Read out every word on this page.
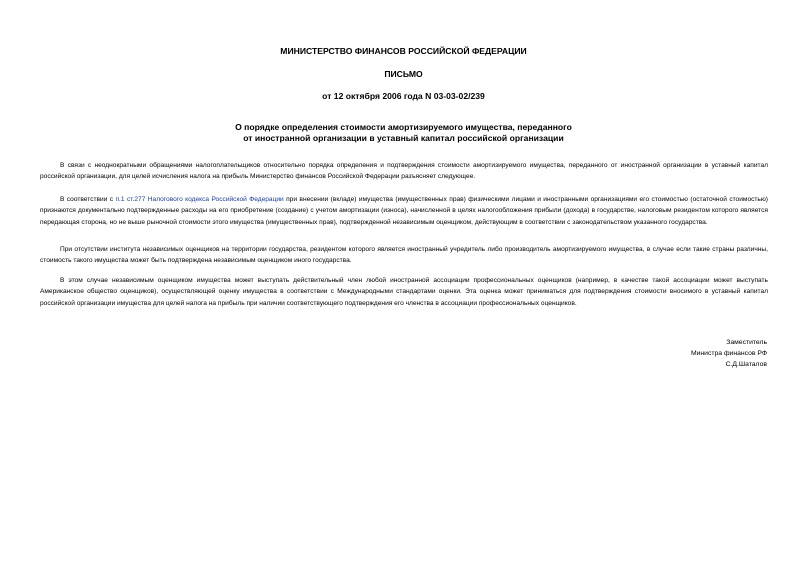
МИНИСТЕРСТВО ФИНАНСОВ РОССИЙСКОЙ ФЕДЕРАЦИИ
ПИСЬМО
от 12 октября 2006 года N 03-03-02/239
О порядке определения стоимости амортизируемого имущества, переданного
от иностранной организации в уставный капитал российской организации
В связи с неоднократными обращениями налогоплательщиков относительно порядка определения и подтверждения стоимости амортизируемого имущества, переданного от иностранной организации в уставный капитал российской организации, для целей исчисления налога на прибыль Министерство финансов Российской Федерации разъясняет следующее.
В соответствии с п.1 ст.277 Налогового кодекса Российской Федерации при внесении (вкладе) имущества (имущественных прав) физическими лицами и иностранными организациями его стоимостью (остаточной стоимостью) признаются документально подтвержденные расходы на его приобретение (создание) с учетом амортизации (износа), начисленной в целях налогообложения прибыли (дохода) в государстве, налоговым резидентом которого является передающая сторона, но не выше рыночной стоимости этого имущества (имущественных прав), подтвержденной независимым оценщиком, действующим в соответствии с законодательством указанного государства.
При отсутствии института независимых оценщиков на территории государства, резидентом которого является иностранный учредитель либо производитель амортизируемого имущества, в случае если такие страны различны, стоимость такого имущества может быть подтверждена независимым оценщиком иного государства.
В этом случае независимым оценщиком имущества может выступать действительный член любой иностранной ассоциации профессиональных оценщиков (например, в качестве такой ассоциации может выступать Американское общество оценщиков), осуществляющей оценку имущества в соответствии с Международными стандартами оценки. Эта оценка может приниматься для подтверждения стоимости вносимого в уставный капитал российской организации имущества для целей налога на прибыль при наличии соответствующего подтверждения его членства в ассоциации профессиональных оценщиков.
Заместитель
Министра финансов РФ
С.Д.Шаталов
